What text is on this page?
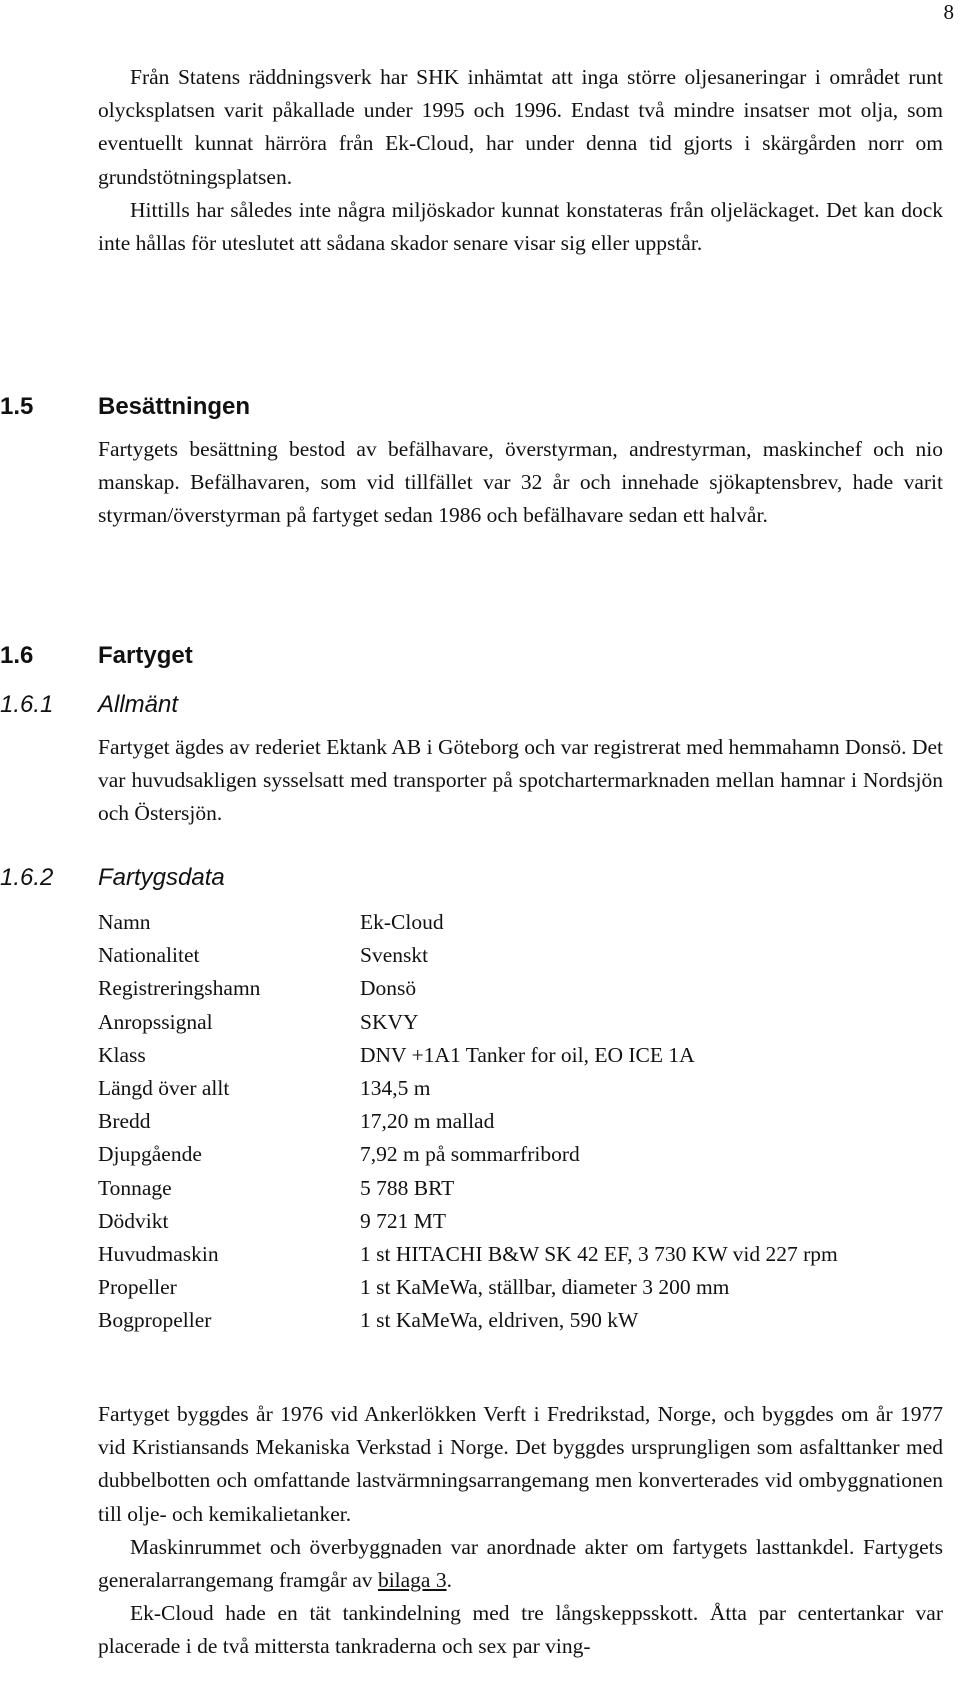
8

Från Statens räddningsverk har SHK inhämtat att inga större oljesaneringar i området runt olycksplatsen varit påkallade under 1995 och 1996. Endast två mindre insatser mot olja, som eventuellt kunnat härröra från Ek-Cloud, har under denna tid gjorts i skärgården norr om grundstötningsplatsen.

Hittills har således inte några miljöskador kunnat konstateras från oljeläckaget. Det kan dock inte hållas för uteslutet att sådana skador senare visar sig eller uppstår.

1.5	Besättningen

Fartygets besättning bestod av befälhavare, överstyrman, andrestyrman, maskinchef och nio manskap. Befälhavaren, som vid tillfället var 32 år och innehade sjökaptensbrev, hade varit styrman/överstyrman på fartyget sedan 1986 och befälhavare sedan ett halvår.

1.6	Fartyget
1.6.1 Allmänt

Fartyget ägdes av rederiet Ektank AB i Göteborg och var registrerat med hemmahamn Donsö. Det var huvudsakligen sysselsatt med transporter på spotchartermarknaden mellan hamnar i Nordsjön och Östersjön.

1.6.2 Fartygsdata
Namn	Ek-Cloud
Nationalitet	Svenskt
Registreringshamn	Donsö
Anropssignal	SKVY
Klass	DNV +1A1 Tanker for oil, EO ICE 1A
Längd över allt	134,5 m
Bredd	17,20 m mallad
Djupgående	7,92 m på sommarfribord
Tonnage	5 788 BRT
Dödvikt	9 721 MT
Huvudmaskin	1 st HITACHI B&W SK 42 EF, 3 730 KW vid 227 rpm
Propeller	1 st KaMeWa, ställbar, diameter 3 200 mm
Bogpropeller	1 st KaMeWa, eldriven, 590 kW

Fartyget byggdes år 1976 vid Ankerlökken Verft i Fredrikstad, Norge, och byggdes om år 1977 vid Kristiansands Mekaniska Verkstad i Norge. Det byggdes ursprungligen som asfalttanker med dubbelbotten och omfattande lastvärmningsarrangemang men konverterades vid ombyggnationen till olje- och kemikalietanker.

Maskinrummet och överbyggnaden var anordnade akter om fartygets lasttankdel. Fartygets generalarrangemang framgår av bilaga 3.

Ek-Cloud hade en tät tankindelning med tre långskeppsskott. Åtta par centertankar var placerade i de två mittersta tankraderna och sex par ving-
